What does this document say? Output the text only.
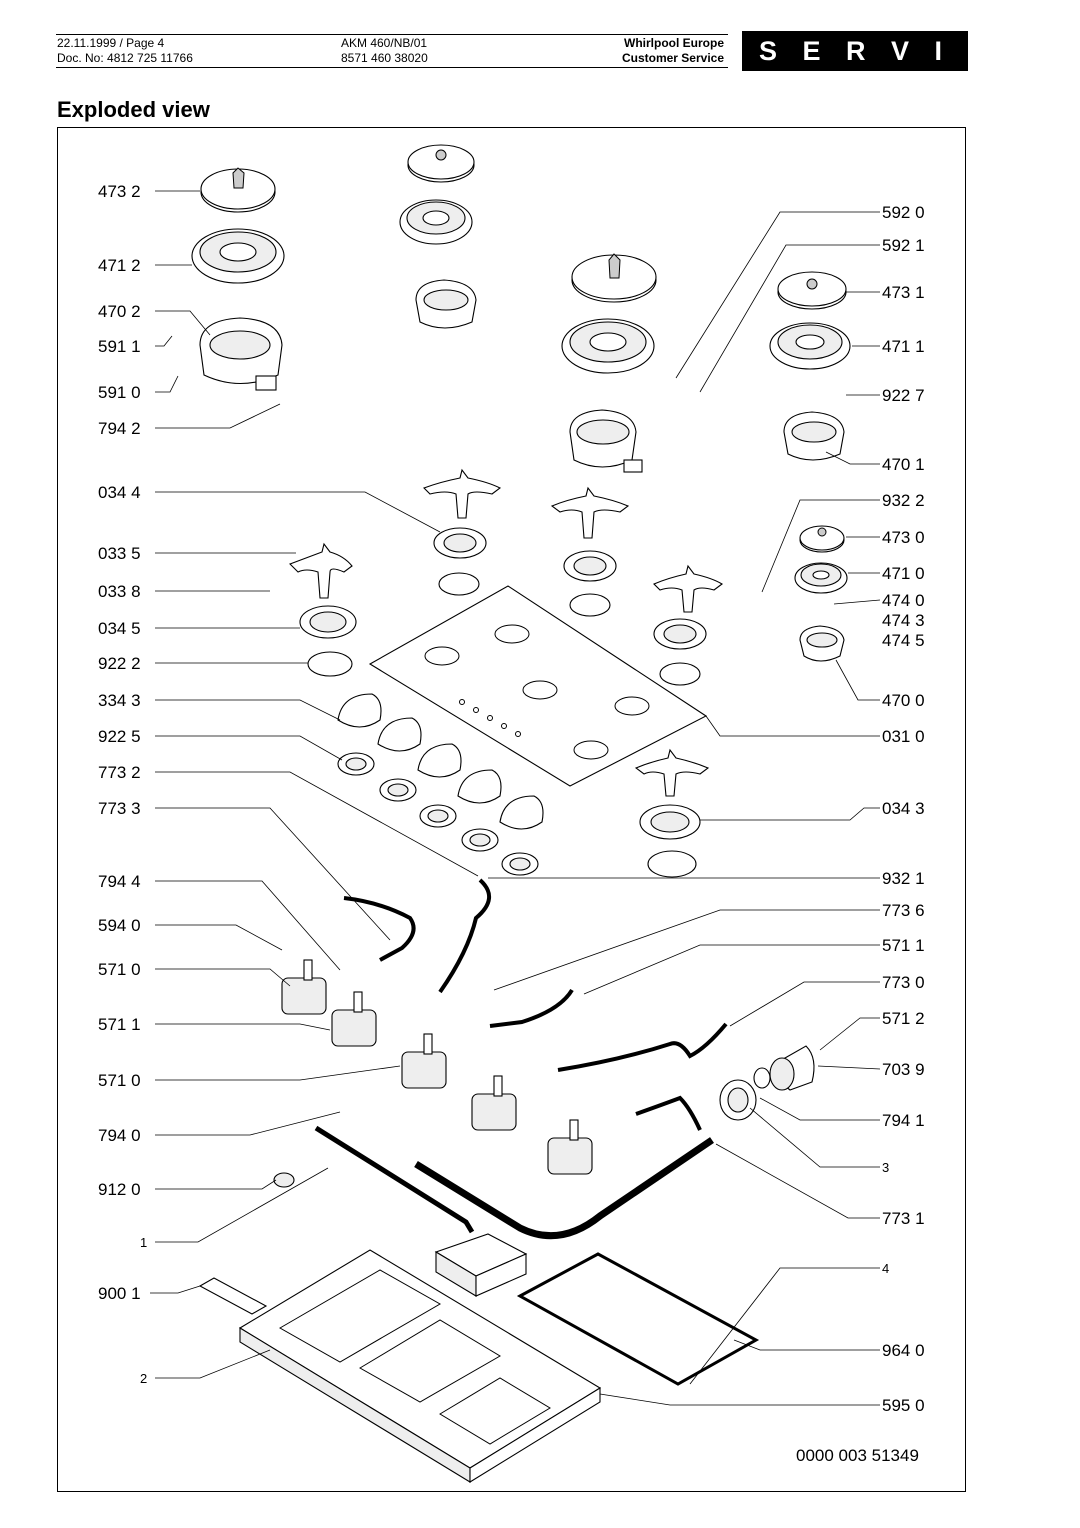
22.11.1999 / Page 4
Doc. No: 4812 725 11766
AKM 460/NB/01
8571 460 38020
Whirlpool Europe
Customer Service	S E R V I C E
Exploded view
473 2
471 2
470 2
591 1
591 0
794 2
034 4
033 5
033 8
034 5
922 2
334 3
922 5
773 2
773 3
794 4
594 0
571 0
571 1
571 0
794 0
912 0
1
900 1
2
592 0
592 1
473 1
471 1
922 7
470 1
932 2
473 0
471 0
474 0
474 3
474 5
470 0
031 0
034 3
932 1
773 6
571 1
773 0
571 2
703 9
794 1
3
773 1
4
964 0
595 0
0000 003 51349
